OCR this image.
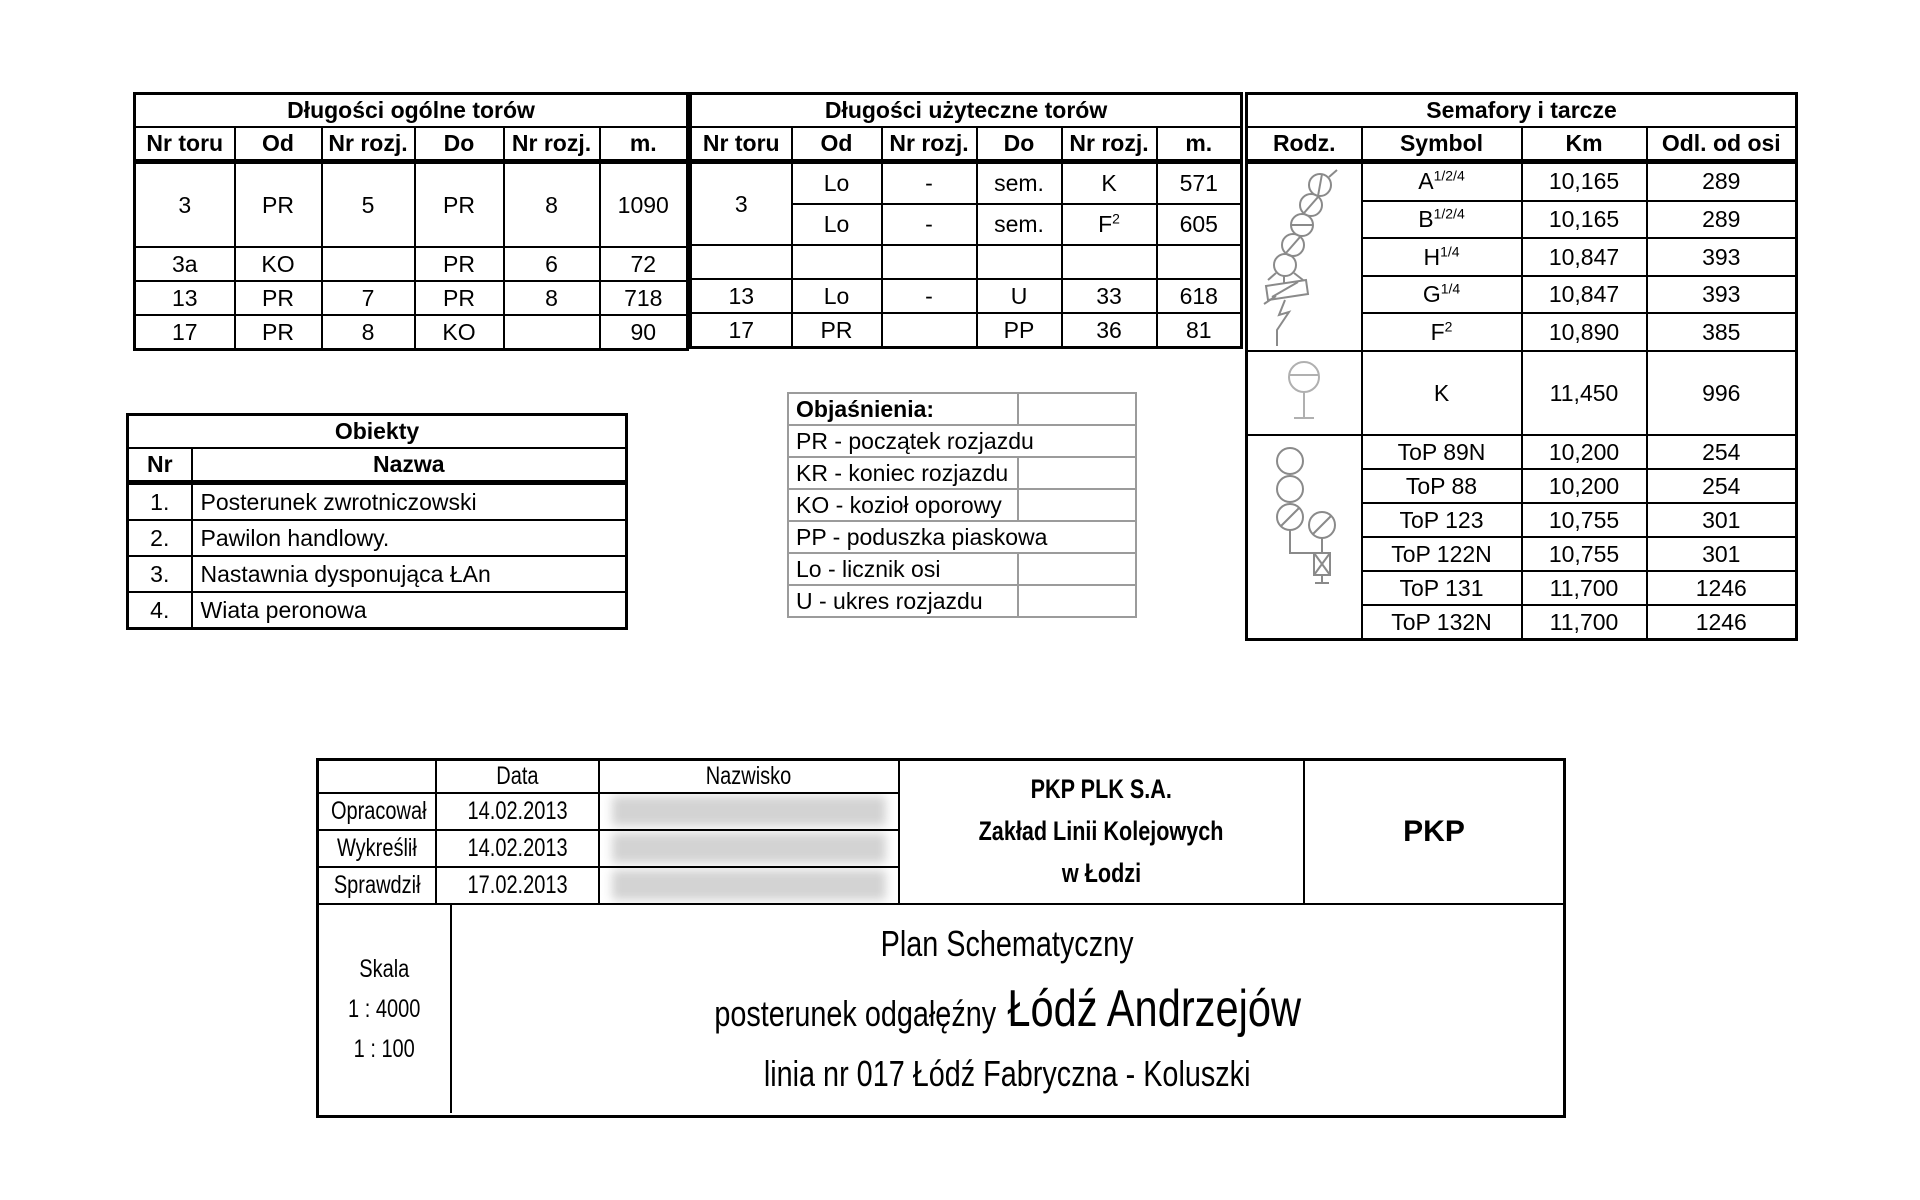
Długości ogólne torów					
Nr toru	Od	Nr rozj.	Do	Nr rozj.	m.
3	PR	5	PR	8	1090
3a	KO		PR	6	72
13	PR	7	PR	8	718
17	PR	8	KO		90
Długości użyteczne torów					
Nr toru	Od	Nr rozj.	Do	Nr rozj.	m.
3	Lo	-	sem.	K	571
	Lo	-	sem.	$F^2$	605

13	Lo	-	U	33	618
17	PR		PP	36	81
Semafory i tarcze			
Rodz.	Symbol	Km	Odl. od osi

	$A^{1/2/4}$	10,165	289
	$B^{1/2/4}$	10,165	289
	$H^{1/4}$	10,847	393
	$G^{1/4}$	10,847	393
	$F^2$	10,890	385

	K	11,450	996

	ToP 89N	10,200	254
	ToP 88	10,200	254
	ToP 123	10,755	301
	ToP 122N	10,755	301
	ToP 131	11,700	1246
	ToP 132N	11,700	1246
Obiekty	
Nr	Nazwa
1.	Posterunek zwrotniczowski
2.	Pawilon handlowy.
3.	Nastawnia dysponująca ŁAn
4.	Wiata peronowa
Objaśnienia:	
PR - początek rozjazdu	
KR - koniec rozjazdu	
KO - kozioł oporowy	
PP - poduszka piaskowa	
Lo - licznik osi	
U - ukres rozjazdu	
	Data	Nazwisko
Opracował	14.02.2013	

Wykreślił	14.02.2013	

Sprawdził	17.02.2013	
PKP PLK S.A.
Zakład Linii Kolejowych
w Łodzi
PKP
Skala
1 : 4000
1 : 100
Plan Schematyczny
posterunek odgałęźny Łódź Andrzejów
linia nr 017 Łódź Fabryczna - Koluszki
